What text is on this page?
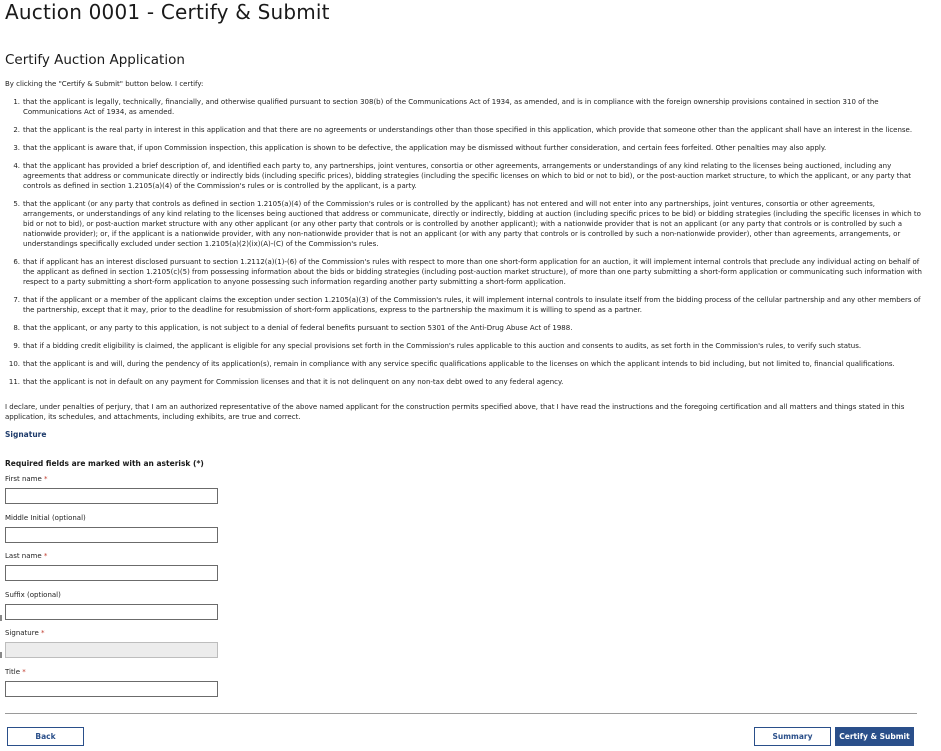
Auction 0001 - Certify & Submit
Certify Auction Application
By clicking the "Certify & Submit" button below. I certify:
1. that the applicant is legally, technically, financially, and otherwise qualified pursuant to section 308(b) of the Communications Act of 1934, as amended, and is in compliance with the foreign ownership provisions contained in section 310 of the Communications Act of 1934, as amended.
2. that the applicant is the real party in interest in this application and that there are no agreements or understandings other than those specified in this application, which provide that someone other than the applicant shall have an interest in the license.
3. that the applicant is aware that, if upon Commission inspection, this application is shown to be defective, the application may be dismissed without further consideration, and certain fees forfeited. Other penalties may also apply.
4. that the applicant has provided a brief description of, and identified each party to, any partnerships, joint ventures, consortia or other agreements, arrangements or understandings of any kind relating to the licenses being auctioned, including any agreements that address or communicate directly or indirectly bids (including specific prices), bidding strategies (including the specific licenses on which to bid or not to bid), or the post-auction market structure, to which the applicant, or any party that controls as defined in section 1.2105(a)(4) of the Commission's rules or is controlled by the applicant, is a party.
5. that the applicant (or any party that controls as defined in section 1.2105(a)(4) of the Commission's rules or is controlled by the applicant) has not entered and will not enter into any partnerships, joint ventures, consortia or other agreements, arrangements, or understandings of any kind relating to the licenses being auctioned that address or communicate, directly or indirectly, bidding at auction (including specific prices to be bid) or bidding strategies (including the specific licenses in which to bid or not to bid), or post-auction market structure with any other applicant (or any other party that controls or is controlled by another applicant); with a nationwide provider that is not an applicant (or any party that controls or is controlled by such a nationwide provider); or, if the applicant is a nationwide provider, with any non-nationwide provider that is not an applicant (or with any party that controls or is controlled by such a non-nationwide provider), other than agreements, arrangements, or understandings specifically excluded under section 1.2105(a)(2)(ix)(A)-(C) of the Commission's rules.
6. that if applicant has an interest disclosed pursuant to section 1.2112(a)(1)-(6) of the Commission's rules with respect to more than one short-form application for an auction, it will implement internal controls that preclude any individual acting on behalf of the applicant as defined in section 1.2105(c)(5) from possessing information about the bids or bidding strategies (including post-auction market structure), of more than one party submitting a short-form application or communicating such information with respect to a party submitting a short-form application to anyone possessing such information regarding another party submitting a short-form application.
7. that if the applicant or a member of the applicant claims the exception under section 1.2105(a)(3) of the Commission's rules, it will implement internal controls to insulate itself from the bidding process of the cellular partnership and any other members of the partnership, except that it may, prior to the deadline for resubmission of short-form applications, express to the partnership the maximum it is willing to spend as a partner.
8. that the applicant, or any party to this application, is not subject to a denial of federal benefits pursuant to section 5301 of the Anti-Drug Abuse Act of 1988.
9. that if a bidding credit eligibility is claimed, the applicant is eligible for any special provisions set forth in the Commission's rules applicable to this auction and consents to audits, as set forth in the Commission's rules, to verify such status.
10. that the applicant is and will, during the pendency of its application(s), remain in compliance with any service specific qualifications applicable to the licenses on which the applicant intends to bid including, but not limited to, financial qualifications.
11. that the applicant is not in default on any payment for Commission licenses and that it is not delinquent on any non-tax debt owed to any federal agency.
I declare, under penalties of perjury, that I am an authorized representative of the above named applicant for the construction permits specified above, that I have read the instructions and the foregoing certification and all matters and things stated in this application, its schedules, and attachments, including exhibits, are true and correct.
Signature
Required fields are marked with an asterisk (*)
First name *
Middle Initial (optional)
Last name *
Suffix (optional)
Signature *
Title *
Back	Summary	Certify & Submit
